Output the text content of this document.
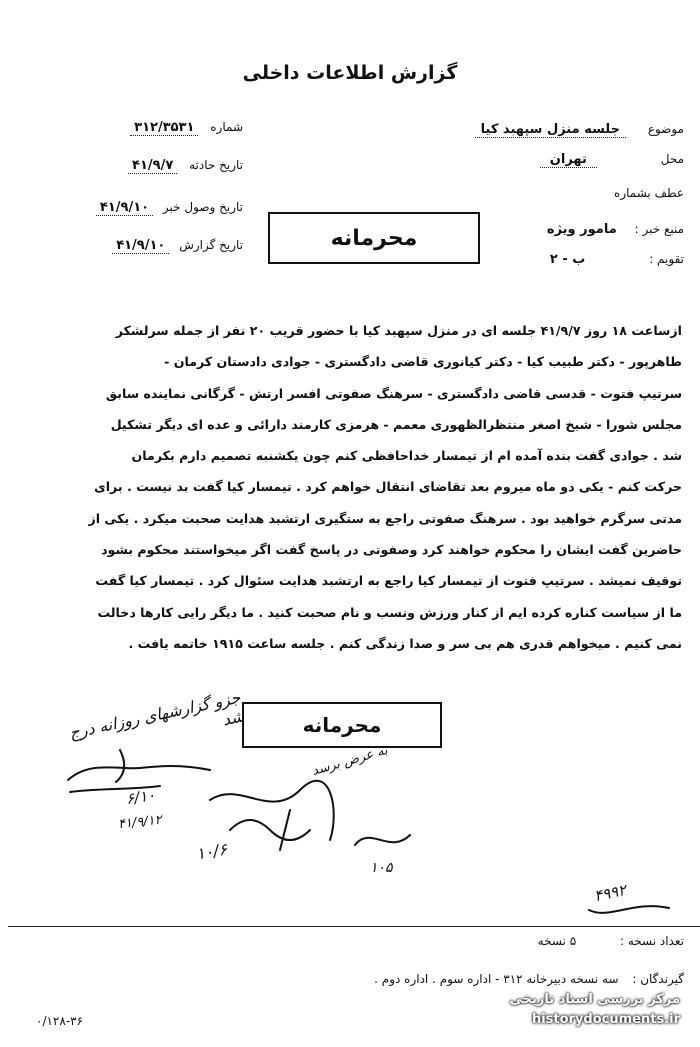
گزارش اطلاعات داخلی
موضوع جلسه منزل سپهبد کیا
محل تهران
عطف بشماره
منبع خبر : مامور ویژه
تقویم : ب - ۲
شماره ۳۱۲/۳۵۳۱
تاریخ حادثه ۴۱/۹/۷
تاریخ وصول خبر ۴۱/۹/۱۰
تاریخ گزارش ۴۱/۹/۱۰	محرمانه
ازساعت ۱۸ روز ۴۱/۹/۷ جلسه ای در منزل سپهبد کیا با حضور قریب ۲۰ نفر از جمله سرلشکر
طاهرپور - دکتر طبیب کیا - دکتر کیانوری قاضی دادگستری - جوادی دادستان کرمان -
سرتیپ فتوت - قدسی قاضی دادگستری - سرهنگ صفوتی افسر ارتش - گرگانی نماینده سابق
مجلس شورا - شیخ اصغر منتظرالظهوری معمم - هرمزی کارمند دارائی و عده ای دیگر تشکیل
شد . جوادی گفت بنده آمده ام از تیمسار خداحافظی کنم چون یکشنبه تصمیم دارم بکرمان
حرکت کنم - یکی دو ماه میروم بعد تقاضای انتقال خواهم کرد . تیمسار کیا گفت بد نیست . برای
مدتی سرگرم خواهید بود . سرهنگ صفوتی راجع به ستگیری ارتشبد هدایت صحبت میکرد . یکی از
حاضرین گفت ایشان را محکوم خواهند کرد وصفوتی در پاسخ گفت اگر میخواستند محکوم بشود
توقیف نمیشد . سرتیپ فتوت از تیمسار کیا راجع به ارتشبد هدایت سئوال کرد . تیمسار کیا گفت
ما از سیاست کناره کرده ایم از کنار ورزش ونسب و نام صحبت کنید . ما دیگر رایی کارها دخالت
نمی کنیم . میخواهم قدری هم بی سر و صدا زندگی کنم . جلسه ساعت ۱۹۱۵ خاتمه یافت .
محرمانه
جزو گزارشهای روزانه درج شد
به عرض برسد
۶/۱۰
۴۱/۹/۱۲
۱۰/۶
۱۰۵
۴۹۹۲
تعداد نسخه : ۵ نسخه
گیرندگان : سه نسخه دبیرخانه ۳۱۲ - اداره سوم . اداره دوم .
۰/۱۲۸-۳۶
مرکز بررسی اسناد تاریخی
historydocuments.ir
